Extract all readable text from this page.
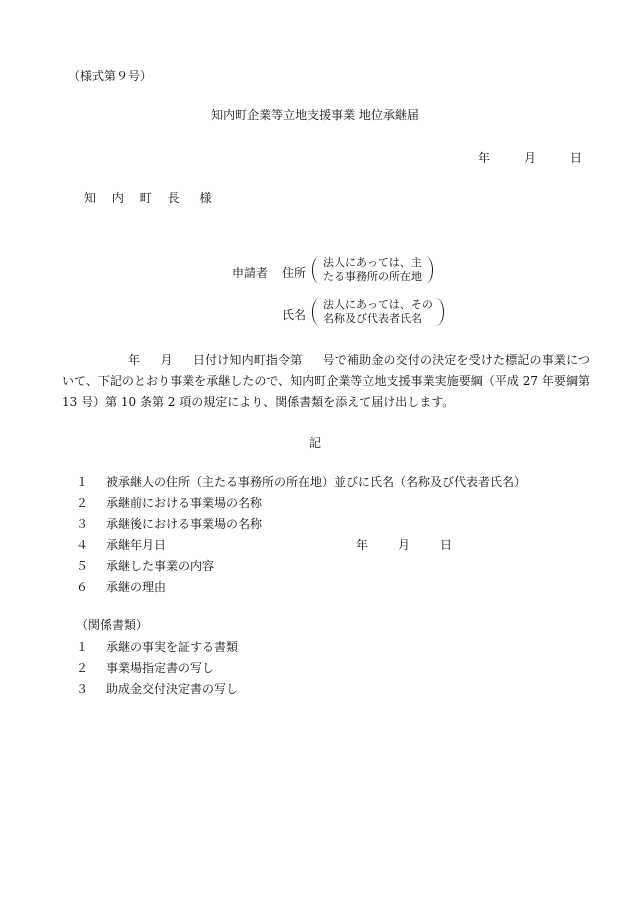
（様式第９号）
知内町企業等立地支援事業 地位承継届
年	月	日
知 内 町 長 様
申請者 住所
法人にあっては、主
たる事務所の所在地
氏名
法人にあっては、その
名称及び代表者氏名
年 月 日付け知内町指令第 号で補助金の交付の決定を受けた標記の事業について、下記のとおり事業を承継したので、知内町企業等立地支援事業実施要綱（平成 27 年要綱第 13 号）第 10 条第 2 項の規定により、関係書類を添えて届け出します。
記
１	被承継人の住所（主たる事務所の所在地）並びに氏名（名称及び代表者氏名）
２	承継前における事業場の名称
３	承継後における事業場の名称
４	承継年月日	年	月	日
５	承継した事業の内容
６	承継の理由
（関係書類）
１	承継の事実を証する書類
２	事業場指定書の写し
３	助成金交付決定書の写し
